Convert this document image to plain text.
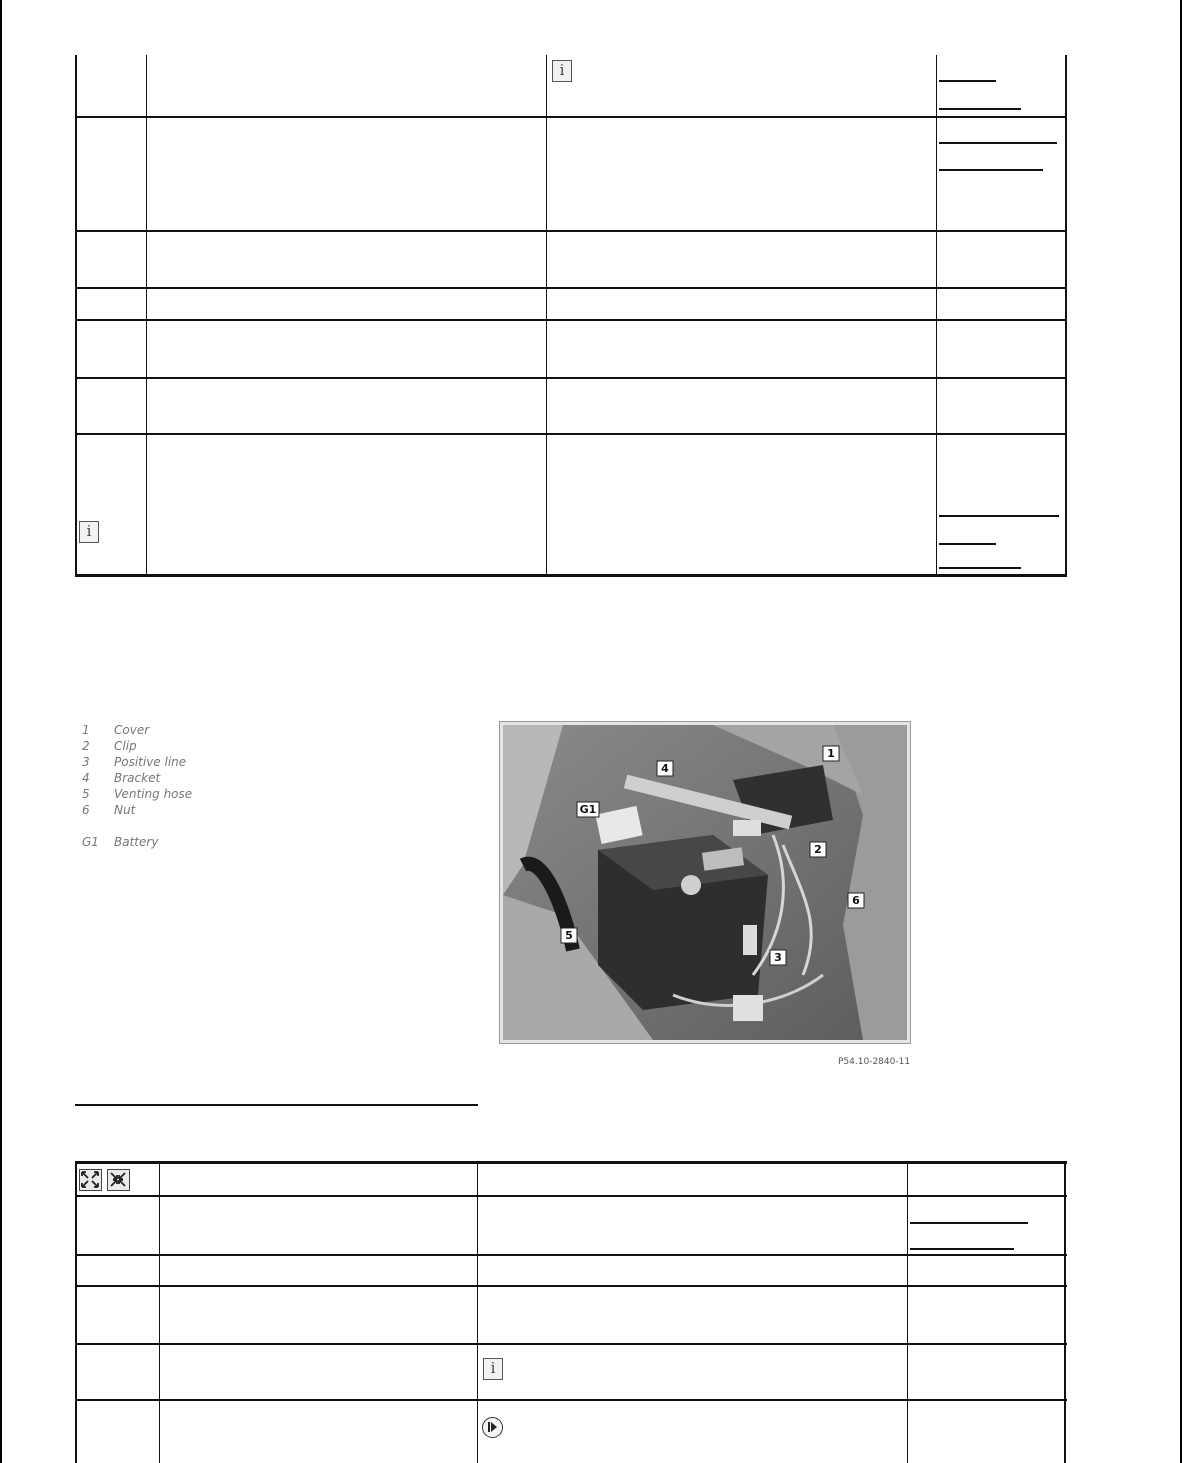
i
i
1	Cover
2	Clip
3	Positive line
4	Bracket
5	Venting hose
6	Nut
G1	Battery
1
2
3
4
5
6
G1
P54.10-2840-11
i
